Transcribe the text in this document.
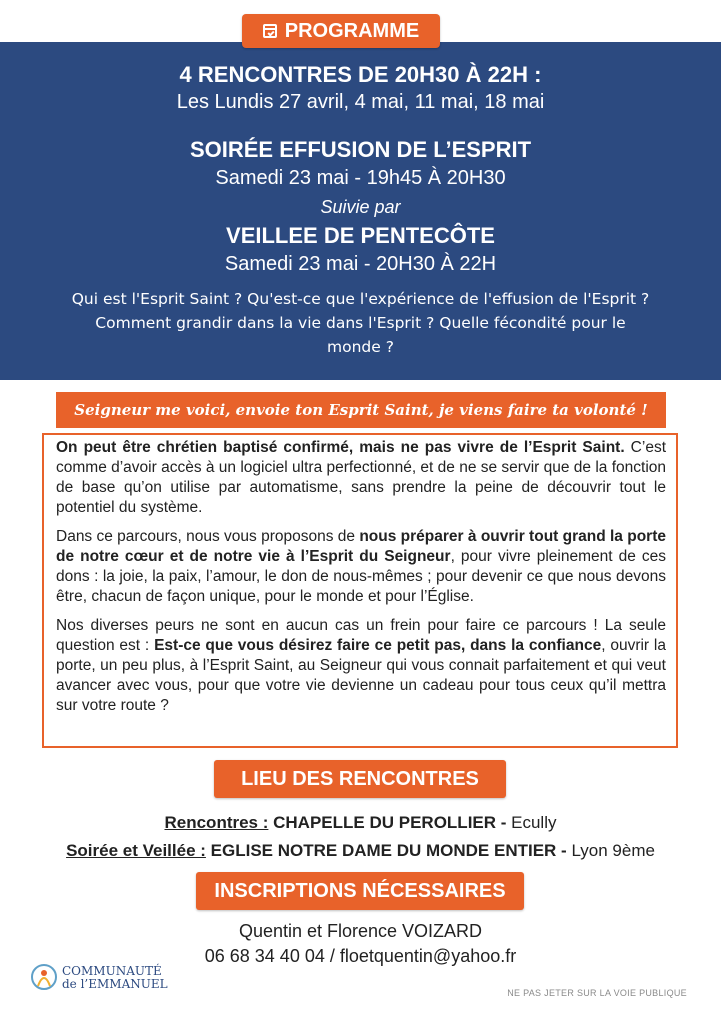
PROGRAMME
4 RENCONTRES DE 20H30 À 22H :
Les Lundis 27 avril, 4 mai, 11 mai, 18 mai
SOIRÉE EFFUSION DE L’ESPRIT
Samedi 23 mai - 19h45 À 20H30
Suivie par
VEILLEE DE PENTECÔTE
Samedi 23 mai - 20H30 À 22H
Qui est l'Esprit Saint ? Qu'est-ce que l'expérience de l'effusion de l'Esprit ? Comment grandir dans la vie dans l'Esprit ? Quelle fécondité pour le monde ?
Seigneur me voici, envoie ton Esprit Saint, je viens faire ta volonté !

On peut être chrétien baptisé confirmé, mais ne pas vivre de l’Esprit Saint. C’est comme d’avoir accès à un logiciel ultra perfectionné, et de ne se servir que de la fonction de base qu’on utilise par automatisme, sans prendre la peine de découvrir tout le potentiel du système.

Dans ce parcours, nous vous proposons de nous préparer à ouvrir tout grand la porte de notre cœur et de notre vie à l’Esprit du Seigneur, pour vivre pleinement de ces dons : la joie, la paix, l’amour, le don de nous-mêmes ; pour devenir ce que nous devons être, chacun de façon unique, pour le monde et pour l’Église.

Nos diverses peurs ne sont en aucun cas un frein pour faire ce parcours ! La seule question est : Est-ce que vous désirez faire ce petit pas, dans la confiance, ouvrir la porte, un peu plus, à l’Esprit Saint, au Seigneur qui vous connait parfaitement et qui veut avancer avec vous, pour que votre vie devienne un cadeau pour tous ceux qu’il mettra sur votre route ?

LIEU DES RENCONTRES
Rencontres : CHAPELLE DU PEROLLIER - Ecully
Soirée et Veillée : EGLISE NOTRE DAME DU MONDE ENTIER - Lyon 9ème
INSCRIPTIONS NÉCESSAIRES
Quentin et Florence VOIZARD
06 68 34 40 04 / floetquentin@yahoo.fr
COMMUNAUTÉ
de l’EMMANUEL
NE PAS JETER SUR LA VOIE PUBLIQUE
